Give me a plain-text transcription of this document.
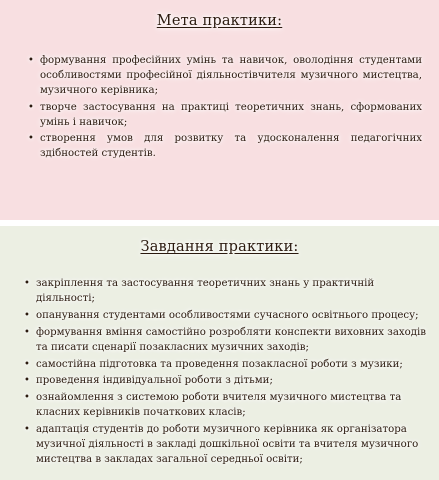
Мета практики:
• формування професійних умінь та навичок, оволодіння студентами особливостями професійної діяльностівчителя музичного мистецтва, музичного керівника;
• творче застосування на практиці теоретичних знань, сформованих умінь і навичок;
• створення умов для розвитку та удосконалення педагогічних здібностей студентів.
Завдання практики:
• закріплення та застосування теоретичних знань у практичній діяльності;
• опанування студентами особливостями сучасного освітнього процесу;
• формування вміння самостійно розробляти конспекти виховних заходів та писати сценарії позакласних музичних заходів;
• самостійна підготовка та проведення позакласної роботи з музики;
• проведення індивідуальної роботи з дітьми;
• ознайомлення з системою роботи вчителя музичного мистецтва та класних керівників початкових класів;
• адаптація студентів до роботи музичного керівника як організатора музичної діяльності в закладі дошкільної освіти та вчителя музичного мистецтва в закладах загальної середньої освіти;
